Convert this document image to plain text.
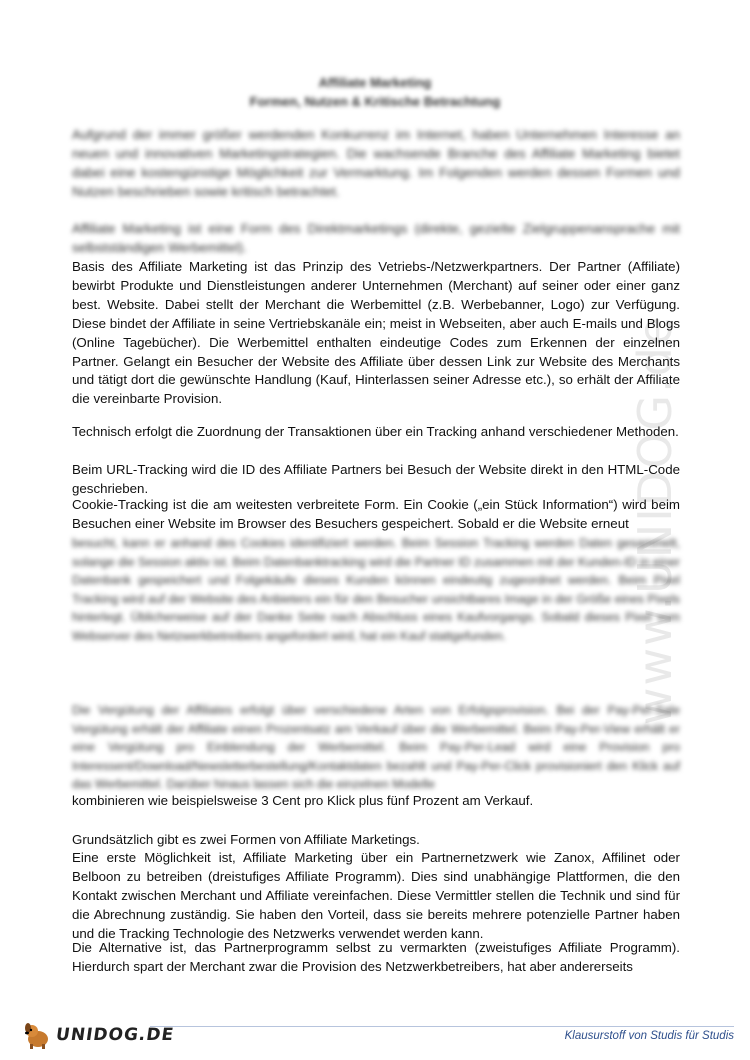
www.UNIDOG.de
Affiliate Marketing
Formen, Nutzen & Kritische Betrachtung

Aufgrund der immer größer werdenden Konkurrenz im Internet, haben Unternehmen Interesse an neuen und innovativen Marketingstrategien. Die wachsende Branche des Affiliate Marketing bietet dabei eine kostengünstige Möglichkeit zur Vermarktung. Im Folgenden werden dessen Formen und Nutzen beschrieben sowie kritisch betrachtet.

Affiliate Marketing ist eine Form des Direktmarketings (direkte, gezielte Zielgruppenansprache mit selbstständigen Werbemittel).

Basis des Affiliate Marketing ist das Prinzip des Vetriebs-/Netzwerkpartners. Der Partner (Affiliate) bewirbt Produkte und Dienstleistungen anderer Unternehmen (Merchant) auf seiner oder einer ganz best. Website. Dabei stellt der Merchant die Werbemittel (z.B. Werbebanner, Logo) zur Verfügung. Diese bindet der Affiliate in seine Vertriebskanäle ein; meist in Webseiten, aber auch E-mails und Blogs (Online Tagebücher). Die Werbemittel enthalten eindeutige Codes zum Erkennen der einzelnen Partner. Gelangt ein Besucher der Website des Affiliate über dessen Link zur Website des Merchants und tätigt dort die gewünschte Handlung (Kauf, Hinterlassen seiner Adresse etc.), so erhält der Affiliate die vereinbarte Provision.

Technisch erfolgt die Zuordnung der Transaktionen über ein Tracking anhand verschiedener Methoden.

Beim URL-Tracking wird die ID des Affiliate Partners bei Besuch der Website direkt in den HTML-Code geschrieben.

Cookie-Tracking ist die am weitesten verbreitete Form. Ein Cookie („ein Stück Information“) wird beim Besuchen einer Website im Browser des Besuchers gespeichert. Sobald er die Website erneut

besucht, kann er anhand des Cookies identifiziert werden. Beim Session Tracking werden Daten gesammelt, solange die Session aktiv ist. Beim Datenbanktracking wird die Partner ID zusammen mit der Kunden-ID in einer Datenbank gespeichert und Folgekäufe dieses Kunden können eindeutig zugeordnet werden. Beim Pixel Tracking wird auf der Website des Anbieters ein für den Besucher unsichtbares Image in der Größe eines Pixels hinterlegt. Üblicherweise auf der Danke Seite nach Abschluss eines Kaufvorgangs. Sobald dieses Pixel vom Webserver des Netzwerkbetreibers angefordert wird, hat ein Kauf stattgefunden.

Die Vergütung der Affiliates erfolgt über verschiedene Arten von Erfolgsprovision. Bei der Pay-Per-Sale Vergütung erhält der Affiliate einen Prozentsatz am Verkauf über die Werbemittel. Beim Pay-Per-View erhält er eine Vergütung pro Einblendung der Werbemittel. Beim Pay-Per-Lead wird eine Provision pro Interessent/Download/Newsletterbestellung/Kontaktdaten bezahlt und Pay-Per-Click provisioniert den Klick auf das Werbemittel. Darüber hinaus lassen sich die einzelnen Modelle

kombinieren wie beispielsweise 3 Cent pro Klick plus fünf Prozent am Verkauf.

Grundsätzlich gibt es zwei Formen von Affiliate Marketings.

Eine erste Möglichkeit ist, Affiliate Marketing über ein Partnernetzwerk wie Zanox, Affilinet oder Belboon zu betreiben (dreistufiges Affiliate Programm). Dies sind unabhängige Plattformen, die den Kontakt zwischen Merchant und Affiliate vereinfachen. Diese Vermittler stellen die Technik und sind für die Abrechnung zuständig. Sie haben den Vorteil, dass sie bereits mehrere potenzielle Partner haben und die Tracking Technologie des Netzwerks verwendet werden kann.

Die Alternative ist, das Partnerprogramm selbst zu vermarkten (zweistufiges Affiliate Programm). Hierdurch spart der Merchant zwar die Provision des Netzwerkbetreibers, hat aber andererseits

UNIDOG.DE	Klausurstoff von Studis für Studis
